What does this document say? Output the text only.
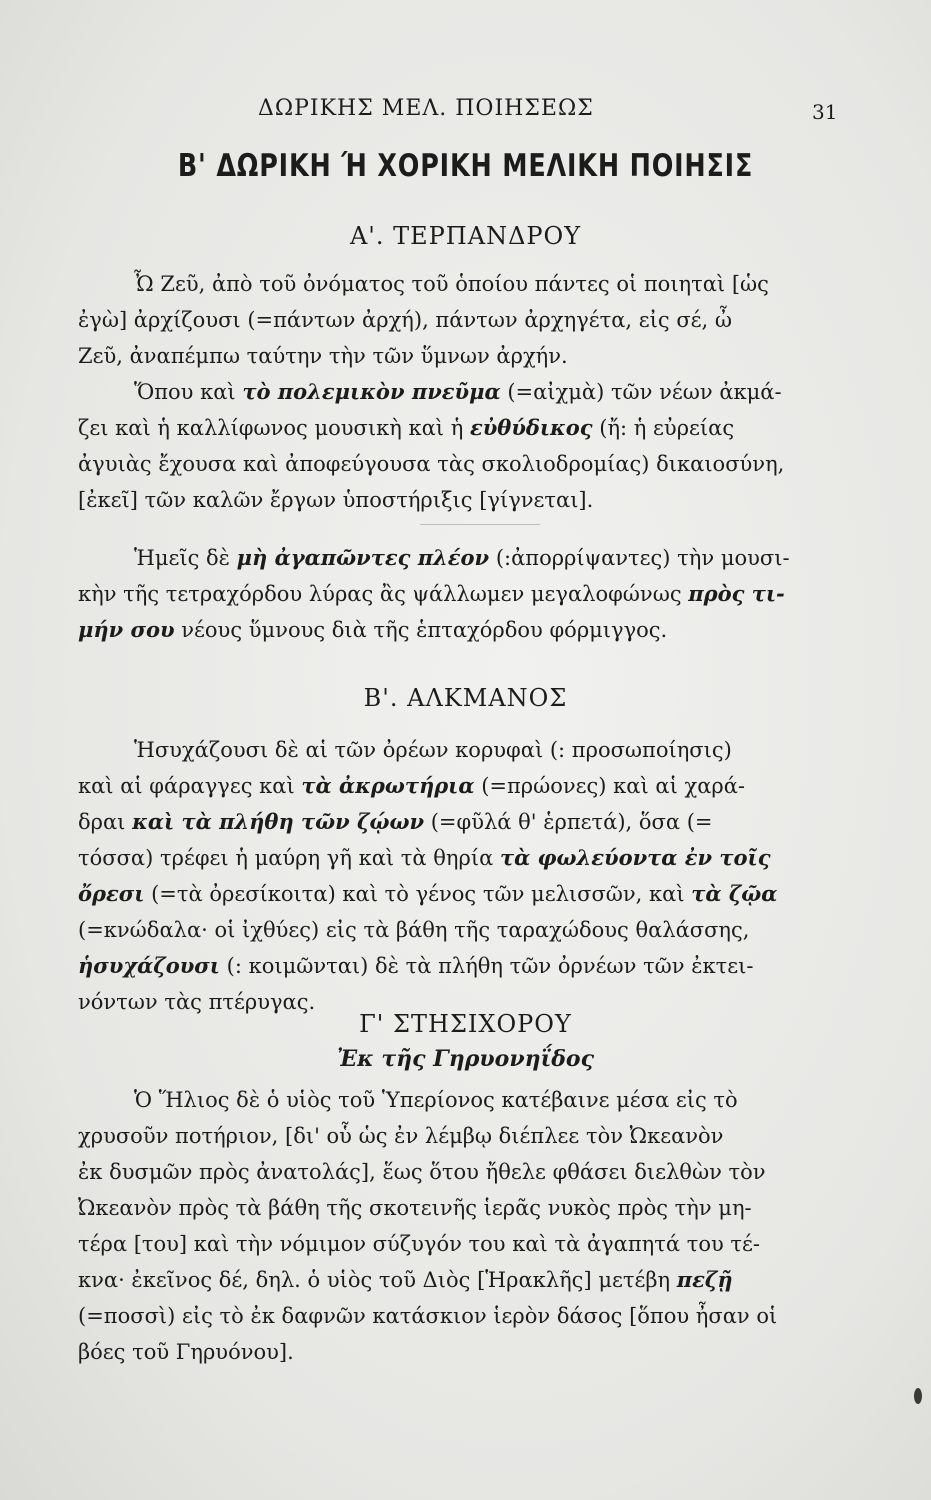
ΔΩΡΙΚΗΣ ΜΕΛ. ΠΟΙΗΣΕΩΣ	31
Β' ΔΩΡΙΚΗ Ή ΧΟΡΙΚΗ ΜΕΛΙΚΗ ΠΟΙΗΣΙΣ
Α'. ΤΕΡΠΑΝΔΡΟΥ
Ὦ Ζεῦ, ἀπὸ τοῦ ὀνόματος τοῦ ὁποίου πάντες οἱ ποιηταὶ [ὡς
ἐγὼ] ἀρχίζουσι (=πάντων ἀρχή), πάντων ἀρχηγέτα, εἰς σέ, ὦ
Ζεῦ, ἀναπέμπω ταύτην τὴν τῶν ὕμνων ἀρχήν.
Ὅπου καὶ τὸ πολεμικὸν πνεῦμα (=αἰχμὰ) τῶν νέων ἀκμά-
ζει καὶ ἡ καλλίφωνος μουσικὴ καὶ ἡ εὐθύδικος (ἤ: ἡ εὐρείας
ἀγυιὰς ἔχουσα καὶ ἀποφεύγουσα τὰς σκολιοδρομίας) δικαιοσύνη,
[ἐκεῖ] τῶν καλῶν ἔργων ὑποστήριξις [γίγνεται].
Ἡμεῖς δὲ μὴ ἀγαπῶντες πλέον (:ἀπορρίψαντες) τὴν μουσι-
κὴν τῆς τετραχόρδου λύρας ἂς ψάλλωμεν μεγαλοφώνως πρὸς τι-
μήν σου νέους ὕμνους διὰ τῆς ἑπταχόρδου φόρμιγγος.
Β'. ΑΛΚΜΑΝΟΣ
Ἡσυχάζουσι δὲ αἱ τῶν ὀρέων κορυφαὶ (: προσωποίησις)
καὶ αἱ φάραγγες καὶ τὰ ἀκρωτήρια (=πρώονες) καὶ αἱ χαρά-
δραι καὶ τὰ πλήθη τῶν ζῴων (=φῦλά θ' ἑρπετά), ὅσα (=
τόσσα) τρέφει ἡ μαύρη γῆ καὶ τὰ θηρία τὰ φωλεύοντα ἐν τοῖς
ὄρεσι (=τὰ ὀρεσίκοιτα) καὶ τὸ γένος τῶν μελισσῶν, καὶ τὰ ζῷα
(=κνώδαλα· οἱ ἰχθύες) εἰς τὰ βάθη τῆς ταραχώδους θαλάσσης,
ἡσυχάζουσι (: κοιμῶνται) δὲ τὰ πλήθη τῶν ὀρνέων τῶν ἐκτει-
νόντων τὰς πτέρυγας.
Γ' ΣΤΗΣΙΧΟΡΟΥ
Ἐκ τῆς Γηρυονηΐδος
Ὁ Ἥλιος δὲ ὁ υἱὸς τοῦ Ὑπερίονος κατέβαινε μέσα εἰς τὸ
χρυσοῦν ποτήριον, [δι' οὗ ὡς ἐν λέμβῳ διέπλεε τὸν Ὠκεανὸν
ἐκ δυσμῶν πρὸς ἀνατολάς], ἕως ὅτου ἤθελε φθάσει διελθὼν τὸν
Ὠκεανὸν πρὸς τὰ βάθη τῆς σκοτεινῆς ἱερᾶς νυκὸς πρὸς τὴν μη-
τέρα [του] καὶ τὴν νόμιμον σύζυγόν του καὶ τὰ ἀγαπητά του τέ-
κνα· ἐκεῖνος δέ, δηλ. ὁ υἱὸς τοῦ Διὸς [Ἡρακλῆς] μετέβη πεζῇ
(=ποσσὶ) εἰς τὸ ἐκ δαφνῶν κατάσκιον ἱερὸν δάσος [ὅπου ἦσαν οἱ
βόες τοῦ Γηρυόνου].
